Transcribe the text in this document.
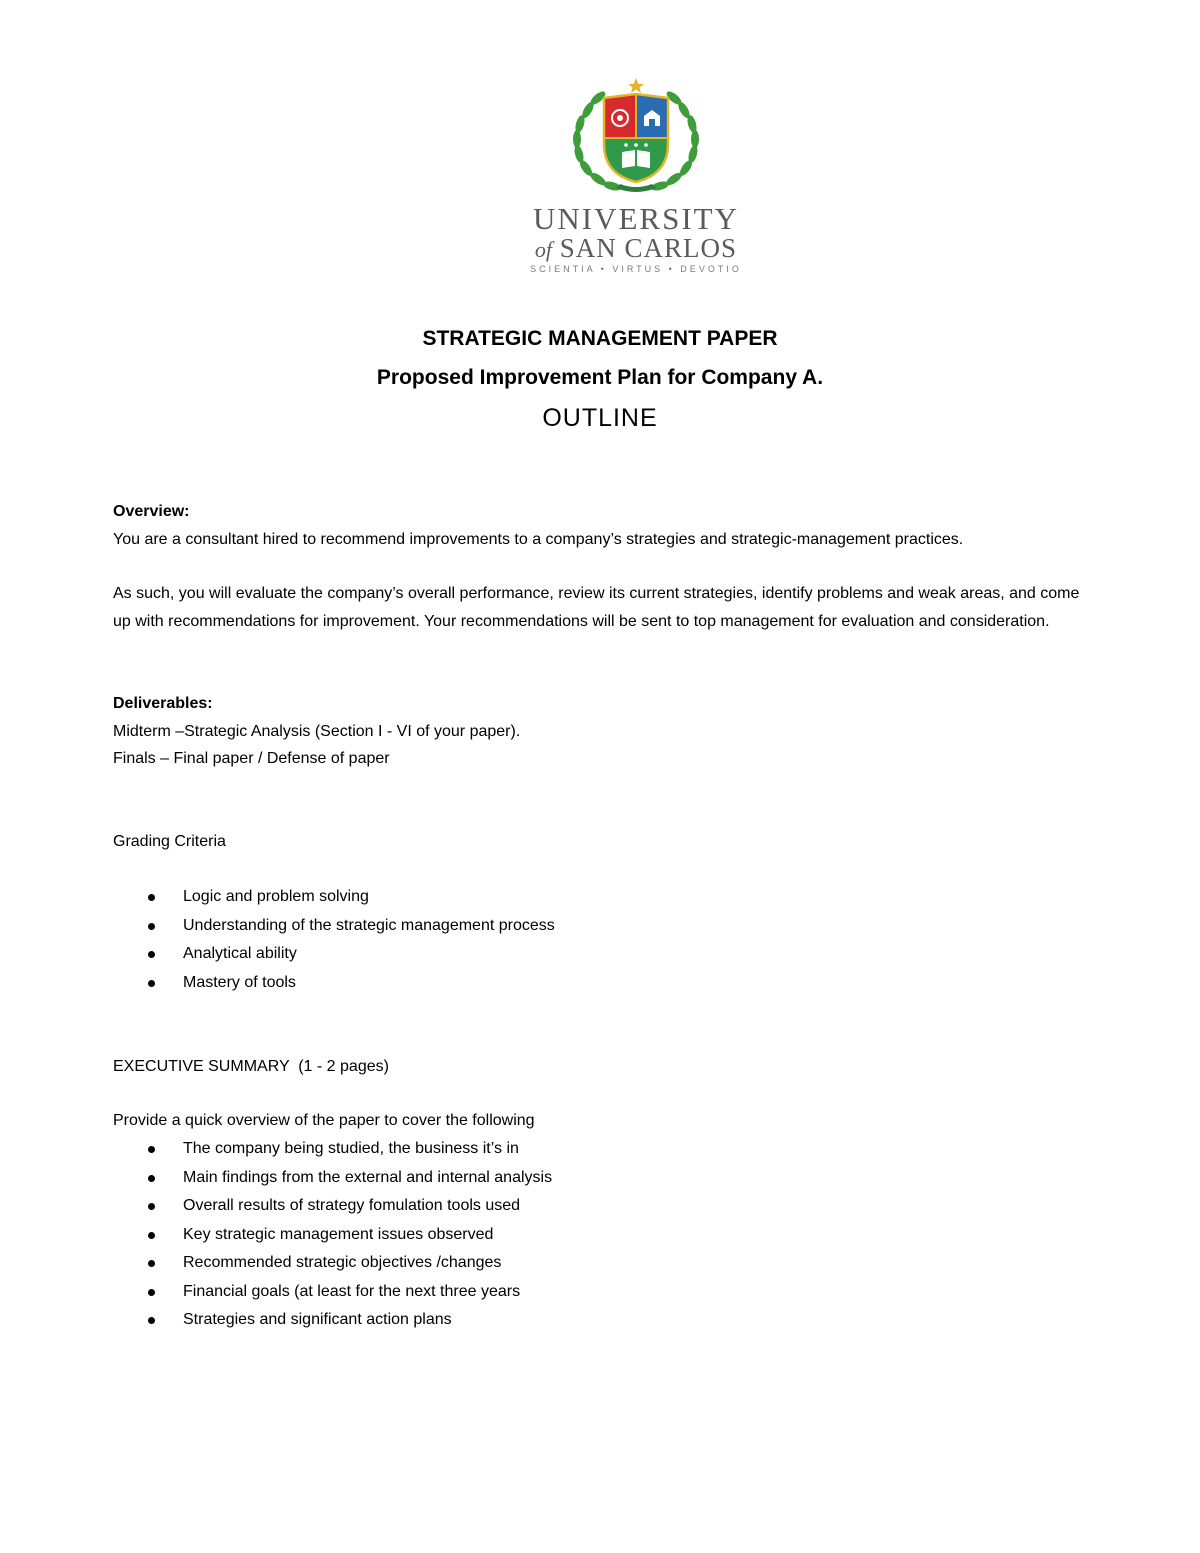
UNIVERSITY
of SAN CARLOS
SCIENTIA • VIRTUS • DEVOTIO
STRATEGIC MANAGEMENT PAPER
Proposed Improvement Plan for Company A.
OUTLINE

Overview:

You are a consultant hired to recommend improvements to a company’s strategies and strategic-management practices.

As such, you will evaluate the company’s overall performance, review its current strategies, identify problems and weak areas, and come up with recommendations for improvement. Your recommendations will be sent to top management for evaluation and consideration.

Deliverables:

Midterm –Strategic Analysis (Section I - VI of your paper).

Finals – Final paper / Defense of paper

Grading Criteria

Logic and problem solving
Understanding of the strategic management process
Analytical ability
Mastery of tools

EXECUTIVE SUMMARY  (1 - 2 pages)

Provide a quick overview of the paper to cover the following

The company being studied, the business it’s in
Main findings from the external and internal analysis
Overall results of strategy fomulation tools used
Key strategic management issues observed
Recommended strategic objectives /changes
Financial goals (at least for the next three years
Strategies and significant action plans
